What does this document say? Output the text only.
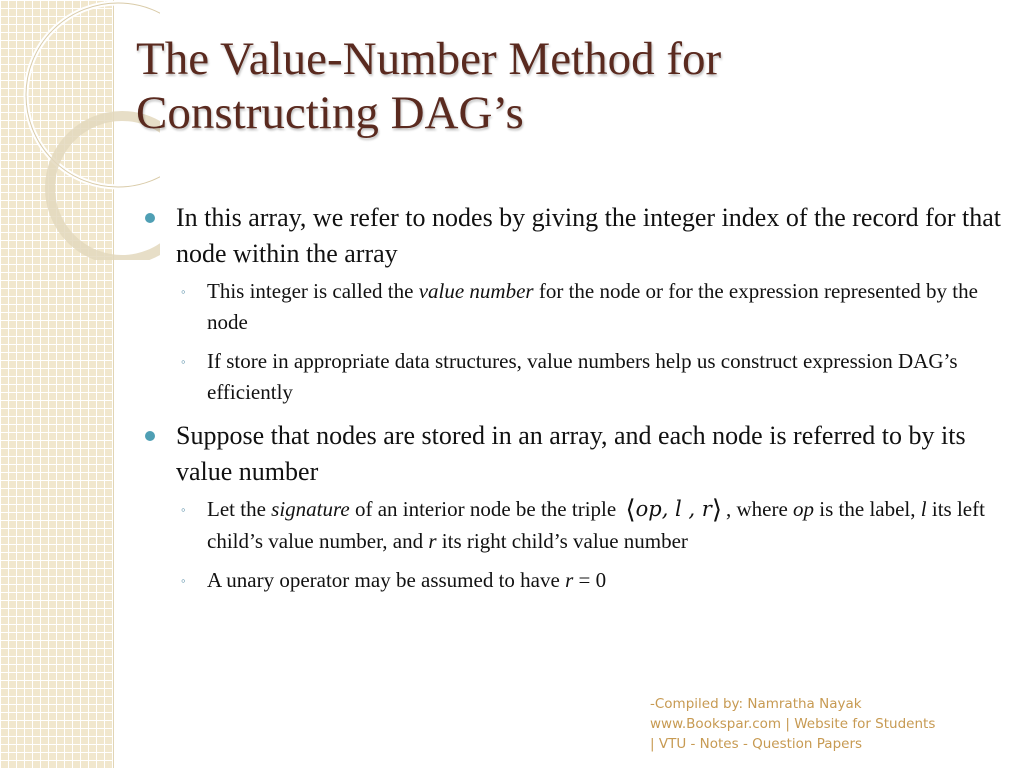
The Value-Number Method for
Constructing DAG’s
In this array, we refer to nodes by giving the integer index of the record for that node within the array
◦ This integer is called the value number for the node or for the expression represented by the node
◦ If store in appropriate data structures, value numbers help us construct expression DAG’s efficiently
Suppose that nodes are stored in an array, and each node is referred to by its value number
◦ Let the signature of an interior node be the triple ⟨op, l , r⟩ , where op is the label, l its left child’s value number, and r its right child’s value number
◦ A unary operator may be assumed to have r = 0
-Compiled by: Namratha Nayak
www.Bookspar.com | Website for Students
| VTU - Notes - Question Papers
